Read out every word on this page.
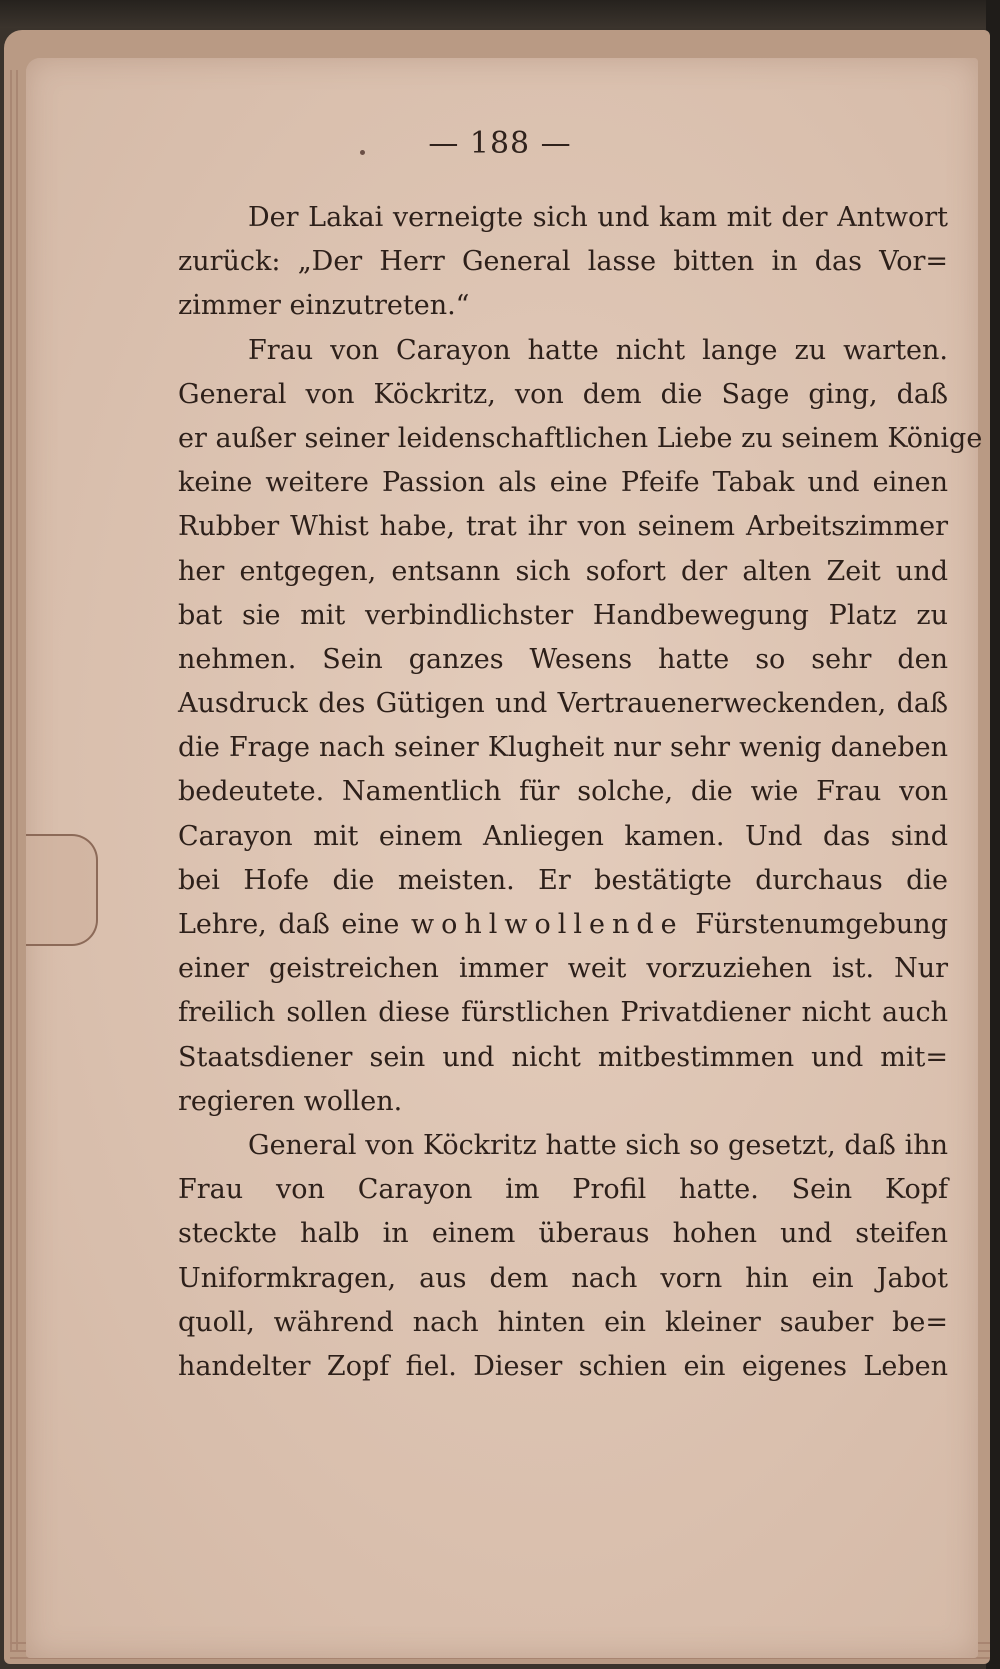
— 188 —
Der Lakai verneigte sich und kam mit der Antwort
zurück: „Der Herr General lasse bitten in das Vor=
zimmer einzutreten.“
Frau von Carayon hatte nicht lange zu warten.
General von Köckritz, von dem die Sage ging, daß
er außer seiner leidenschaftlichen Liebe zu seinem Könige
keine weitere Passion als eine Pfeife Tabak und einen
Rubber Whist habe, trat ihr von seinem Arbeitszimmer
her entgegen, entsann sich sofort der alten Zeit und
bat sie mit verbindlichster Handbewegung Platz zu
nehmen. Sein ganzes Wesens hatte so sehr den
Ausdruck des Gütigen und Vertrauenerweckenden, daß
die Frage nach seiner Klugheit nur sehr wenig daneben
bedeutete. Namentlich für solche, die wie Frau von
Carayon mit einem Anliegen kamen. Und das sind
bei Hofe die meisten. Er bestätigte durchaus die
Lehre, daß eine wohlwollende Fürstenumgebung
einer geistreichen immer weit vorzuziehen ist. Nur
freilich sollen diese fürstlichen Privatdiener nicht auch
Staatsdiener sein und nicht mitbestimmen und mit=
regieren wollen.
General von Köckritz hatte sich so gesetzt, daß ihn
Frau von Carayon im Profil hatte. Sein Kopf
steckte halb in einem überaus hohen und steifen
Uniformkragen, aus dem nach vorn hin ein Jabot
quoll, während nach hinten ein kleiner sauber be=
handelter Zopf fiel. Dieser schien ein eigenes Leben
